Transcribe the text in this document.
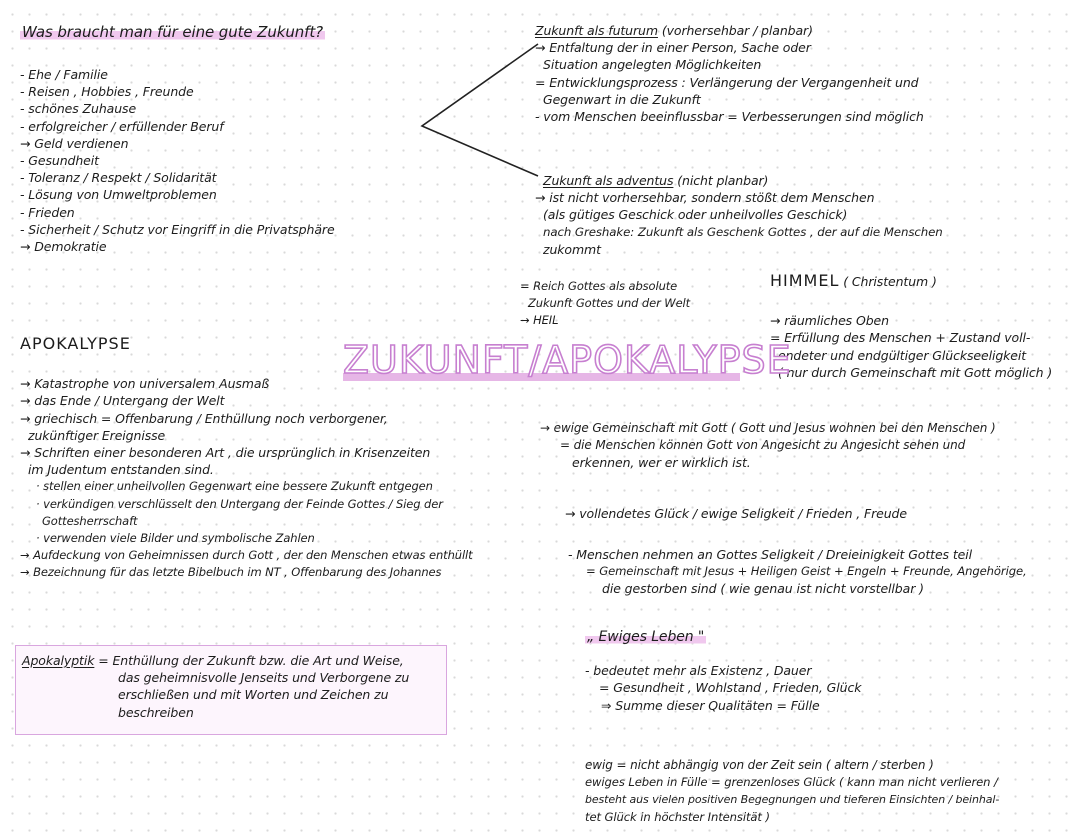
Was braucht man für eine gute Zukunft?
- Ehe / Familie
- Reisen , Hobbies , Freunde
- schönes Zuhause
- erfolgreicher / erfüllender Beruf
→ Geld verdienen
- Gesundheit
- Toleranz / Respekt / Solidarität
- Lösung von Umweltproblemen
- Frieden
- Sicherheit / Schutz vor Eingriff in die Privatsphäre
→ Demokratie
Zukunft als futurum (vorhersehbar / planbar)
→ Entfaltung der in einer Person, Sache oder
Situation angelegten Möglichkeiten
= Entwicklungsprozess : Verlängerung der Vergangenheit und
Gegenwart in die Zukunft
- vom Menschen beeinflussbar = Verbesserungen sind möglich
Zukunft als adventus (nicht planbar)
→ ist nicht vorhersehbar, sondern stößt dem Menschen
(als gütiges Geschick oder unheilvolles Geschick)
nach Greshake: Zukunft als Geschenk Gottes , der auf die Menschen
zukommt
= Reich Gottes als absolute
Zukunft Gottes und der Welt
→ HEIL
HIMMEL ( Christentum )
→ räumliches Oben
= Erfüllung des Menschen + Zustand voll-
endeter und endgültiger Glückseeligkeit
( nur durch Gemeinschaft mit Gott möglich )
ZUKUNFT/APOKALYPSE
APOKALYPSE
→ Katastrophe von universalem Ausmaß
→ das Ende / Untergang der Welt
→ griechisch = Offenbarung / Enthüllung noch verborgener,
zukünftiger Ereignisse
→ Schriften einer besonderen Art , die ursprünglich in Krisenzeiten
im Judentum entstanden sind.
· stellen einer unheilvollen Gegenwart eine bessere Zukunft entgegen
· verkündigen verschlüsselt den Untergang der Feinde Gottes / Sieg der
Gottesherrschaft
· verwenden viele Bilder und symbolische Zahlen
→ Aufdeckung von Geheimnissen durch Gott , der den Menschen etwas enthüllt
→ Bezeichnung für das letzte Bibelbuch im NT , Offenbarung des Johannes
Apokalyptik = Enthüllung der Zukunft bzw. die Art und Weise,
das geheimnisvolle Jenseits und Verborgene zu
erschließen und mit Worten und Zeichen zu
beschreiben
→ ewige Gemeinschaft mit Gott ( Gott und Jesus wohnen bei den Menschen )
= die Menschen können Gott von Angesicht zu Angesicht sehen und
erkennen, wer er wirklich ist.
→ vollendetes Glück / ewige Seligkeit / Frieden , Freude
- Menschen nehmen an Gottes Seligkeit / Dreieinigkeit Gottes teil
= Gemeinschaft mit Jesus + Heiligen Geist + Engeln + Freunde, Angehörige,
die gestorben sind ( wie genau ist nicht vorstellbar )
„ Ewiges Leben "
- bedeutet mehr als Existenz , Dauer
= Gesundheit , Wohlstand , Frieden, Glück
⇒ Summe dieser Qualitäten = Fülle
ewig = nicht abhängig von der Zeit sein ( altern / sterben )
ewiges Leben in Fülle = grenzenloses Glück ( kann man nicht verlieren /
besteht aus vielen positiven Begegnungen und tieferen Einsichten / beinhal-
tet Glück in höchster Intensität )
